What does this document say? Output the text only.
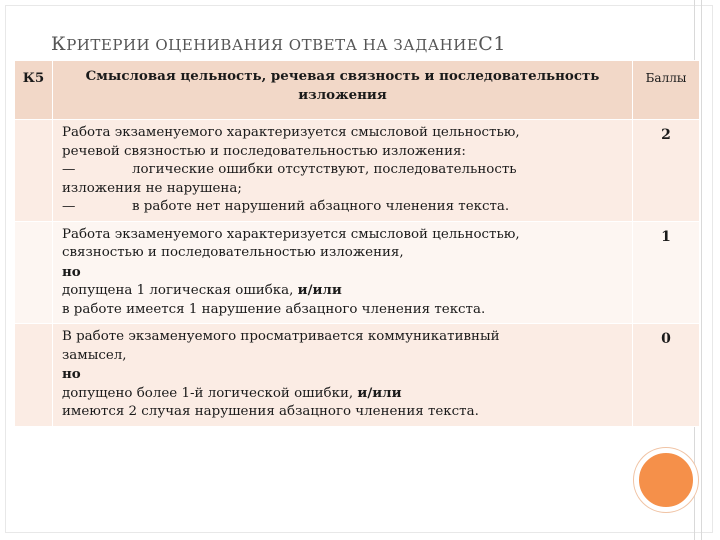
КРИТЕРИИ ОЦЕНИВАНИЯ ОТВЕТА НА ЗАДАНИЕС1
К5	Смысловая цельность, речевая связность и последовательность изложения	Баллы

	Работа экзаменуемого характеризуется смысловой цельностью,
речевой связностью и последовательностью изложения:
— логические ошибки отсутствуют, последовательность
изложения не нарушена;
— в работе нет нарушений абзацного членения текста.	2

	Работа экзаменуемого характеризуется смысловой цельностью,
связностью и последовательностью изложения,
но
допущена 1 логическая ошибка, и/или
в работе имеется 1 нарушение абзацного членения текста.	1

	В работе экзаменуемого просматривается коммуникативный
замысел,
но
допущено более 1-й логической ошибки, и/или
имеются 2 случая нарушения абзацного членения текста.	0
